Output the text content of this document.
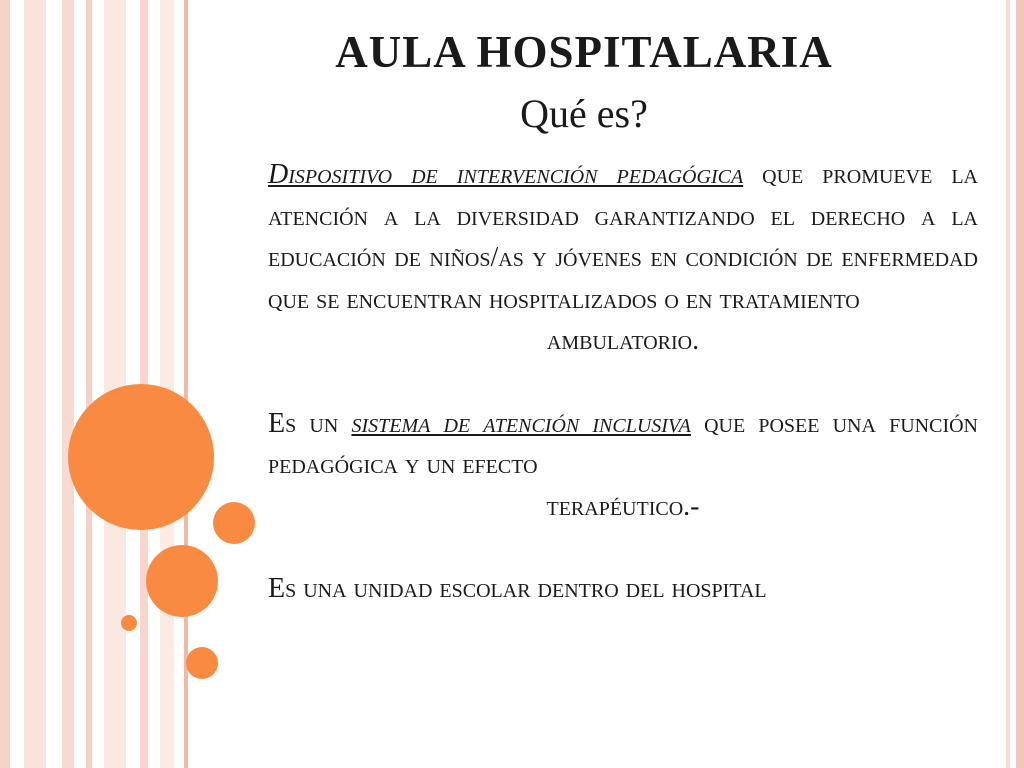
AULA HOSPITALARIA
Qué es?

Dispositivo de intervención pedagógica que promueve la atención a la diversidad garantizando el derecho a la educación de niños/as y jóvenes en condición de enfermedad que se encuentran hospitalizados o en tratamiento

ambulatorio.

Es un sistema de atención inclusiva que posee una función pedagógica y un efecto

terapéutico.-

Es una unidad escolar dentro del hospital
